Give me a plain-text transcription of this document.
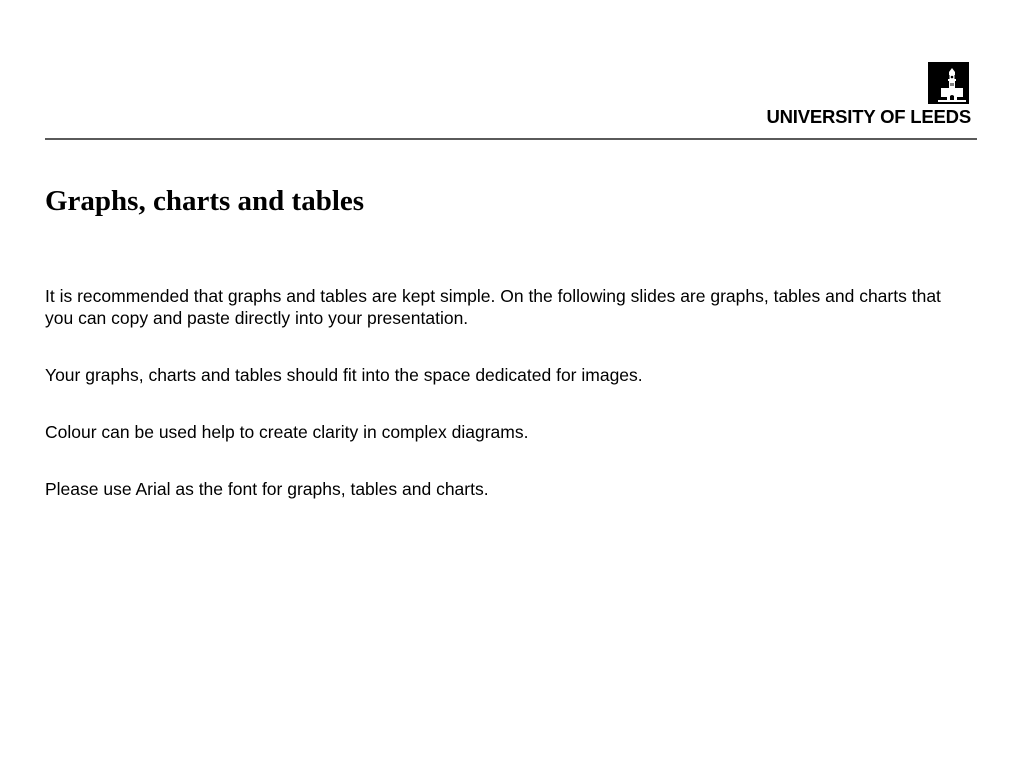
UNIVERSITY OF LEEDS
Graphs, charts and tables

It is recommended that graphs and tables are kept simple. On the following slides are graphs, tables and charts that you can copy and paste directly into your presentation.

Your graphs, charts and tables should fit into the space dedicated for images.

Colour can be used help to create clarity in complex diagrams.

Please use Arial as the font for graphs, tables and charts.
